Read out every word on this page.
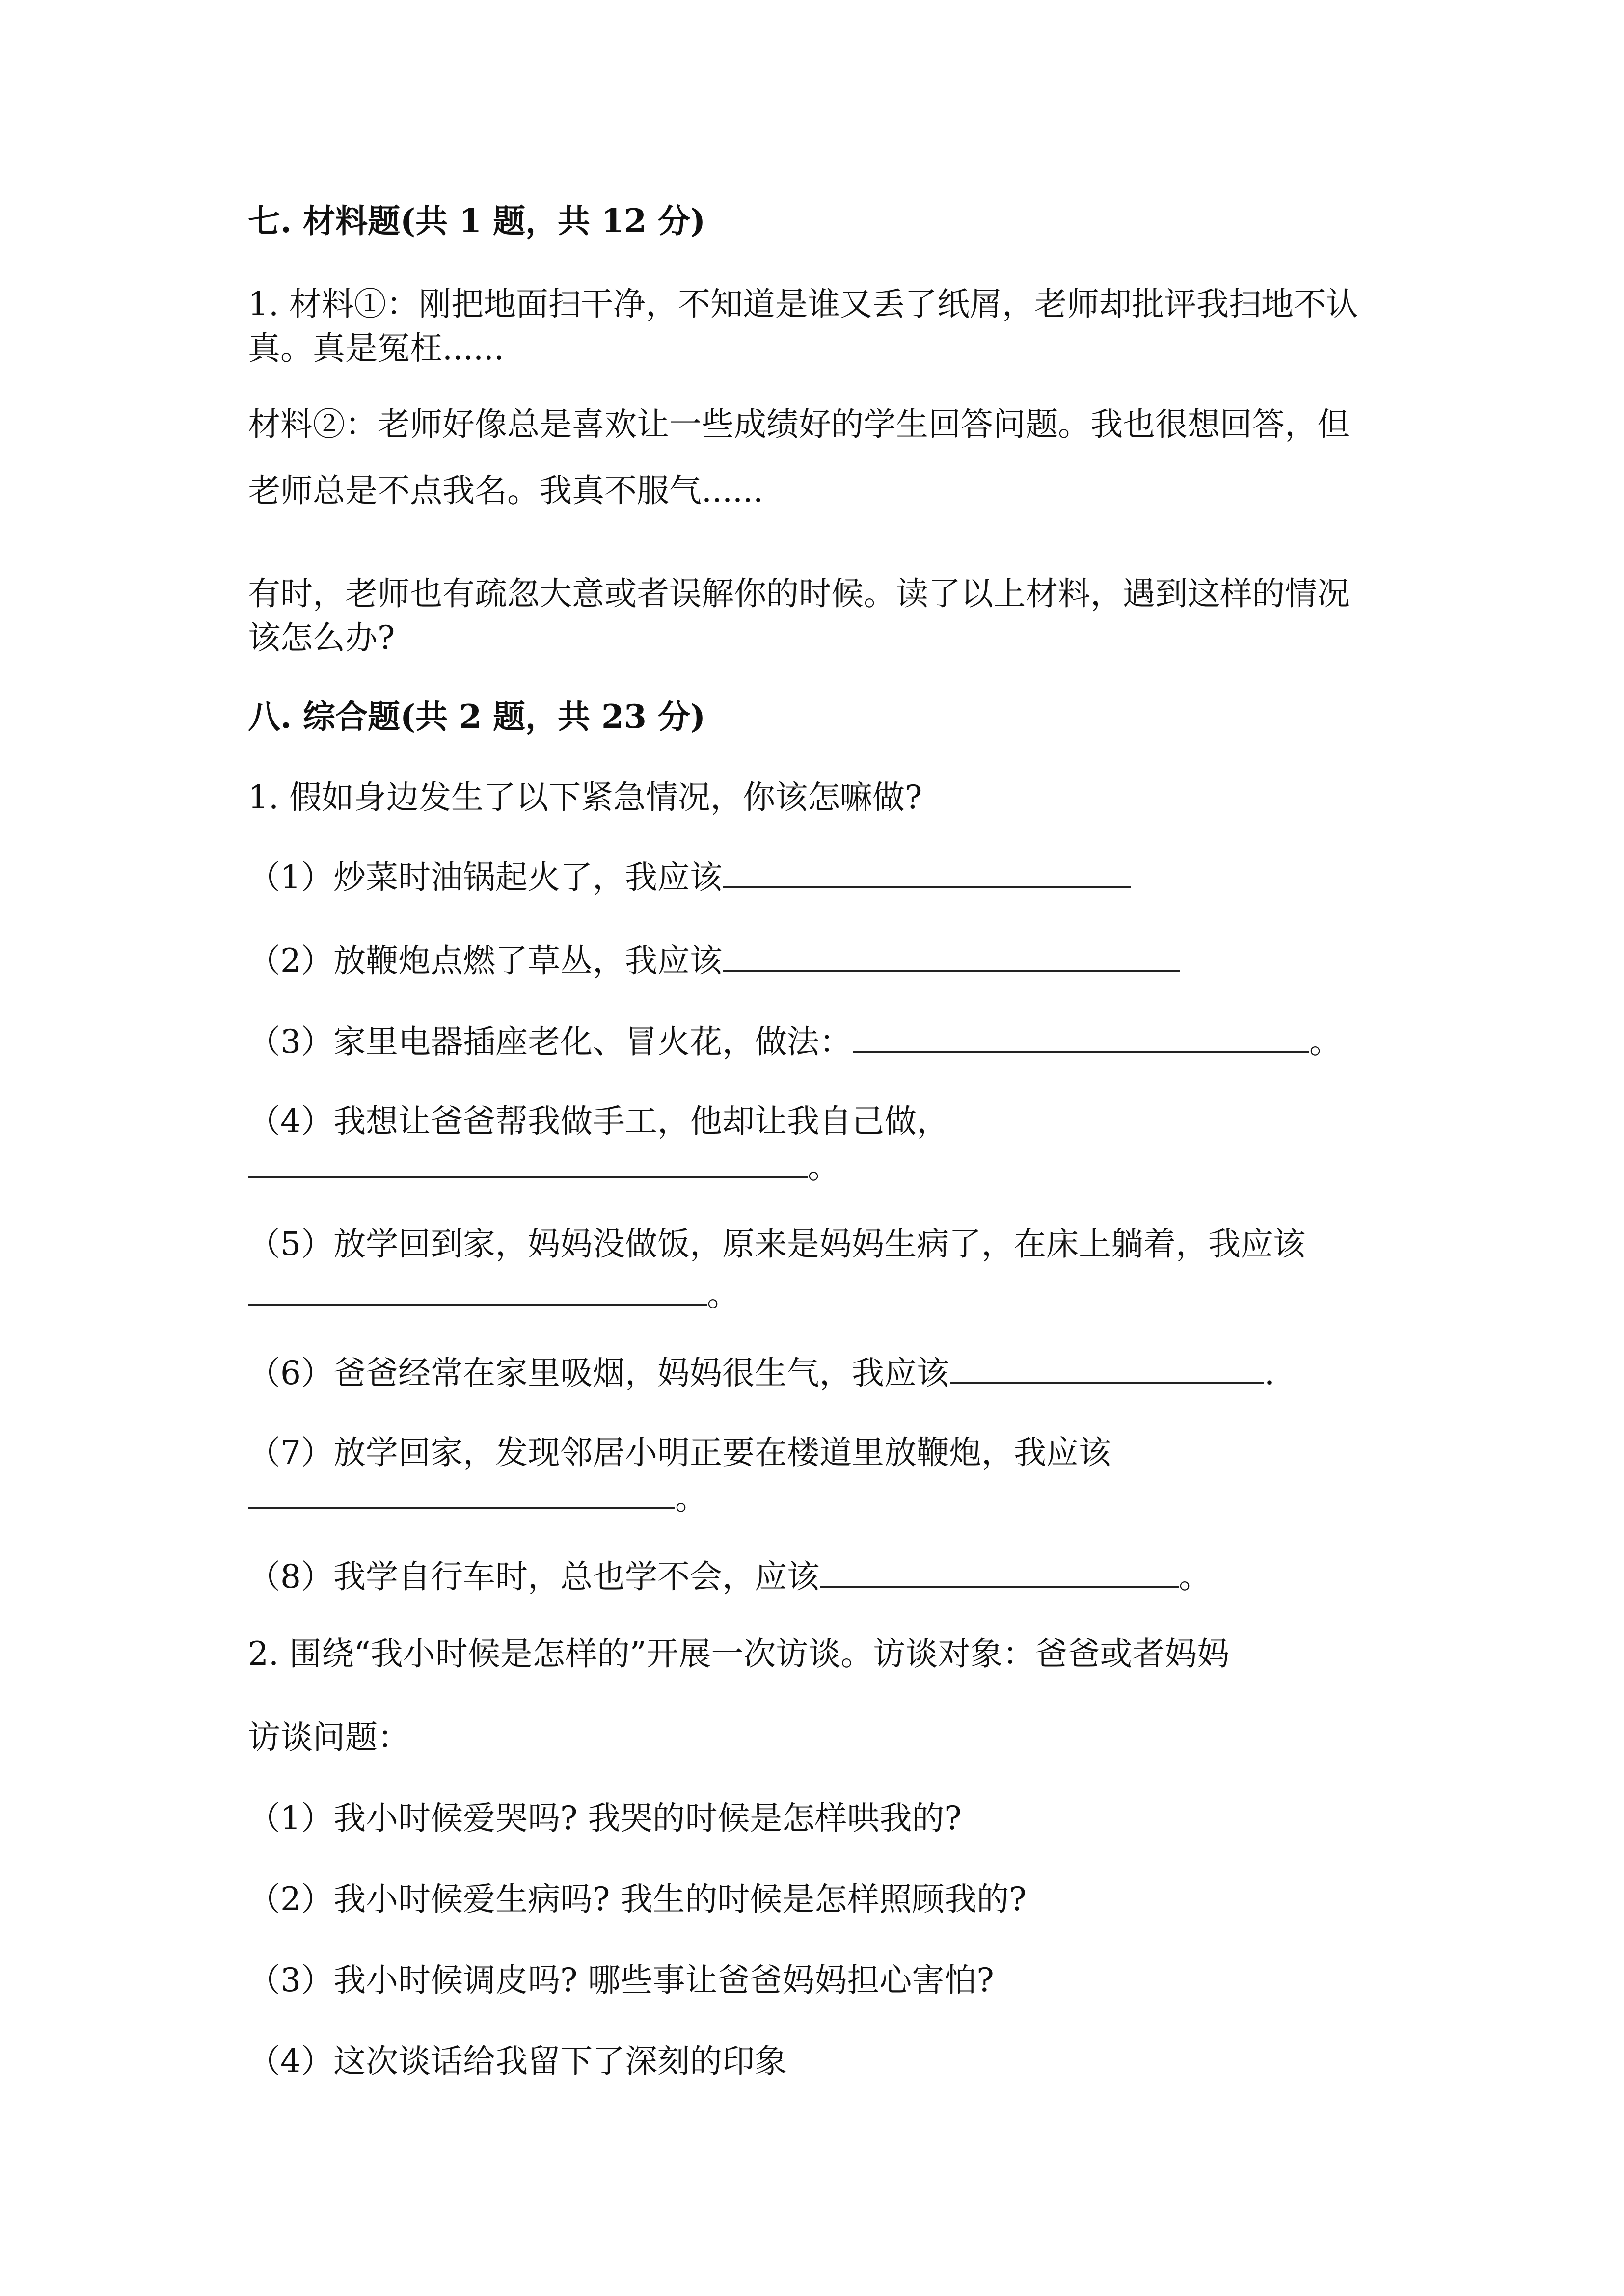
七. 材料题(共 1 题，共 12 分)
1. 材料①：刚把地面扫干净，不知道是谁又丢了纸屑，老师却批评我扫地不认
真。真是冤枉......
材料②：老师好像总是喜欢让一些成绩好的学生回答问题。我也很想回答，但
老师总是不点我名。我真不服气......
有时，老师也有疏忽大意或者误解你的时候。读了以上材料，遇到这样的情况
该怎么办?
八. 综合题(共 2 题，共 23 分)
1. 假如身边发生了以下紧急情况，你该怎嘛做?
（1）炒菜时油锅起火了，我应该
（2）放鞭炮点燃了草丛，我应该
（3）家里电器插座老化、冒火花，做法：	。
（4）我想让爸爸帮我做手工，他却让我自己做，
。
（5）放学回到家，妈妈没做饭，原来是妈妈生病了，在床上躺着，我应该
。
（6）爸爸经常在家里吸烟，妈妈很生气，我应该	.
（7）放学回家，发现邻居小明正要在楼道里放鞭炮，我应该
。
（8）我学自行车时，总也学不会，应该	。
2. 围绕“我小时候是怎样的”开展一次访谈。访谈对象：爸爸或者妈妈
访谈问题：
（1）我小时候爱哭吗? 我哭的时候是怎样哄我的?
（2）我小时候爱生病吗? 我生的时候是怎样照顾我的?
（3）我小时候调皮吗? 哪些事让爸爸妈妈担心害怕?
（4）这次谈话给我留下了深刻的印象
